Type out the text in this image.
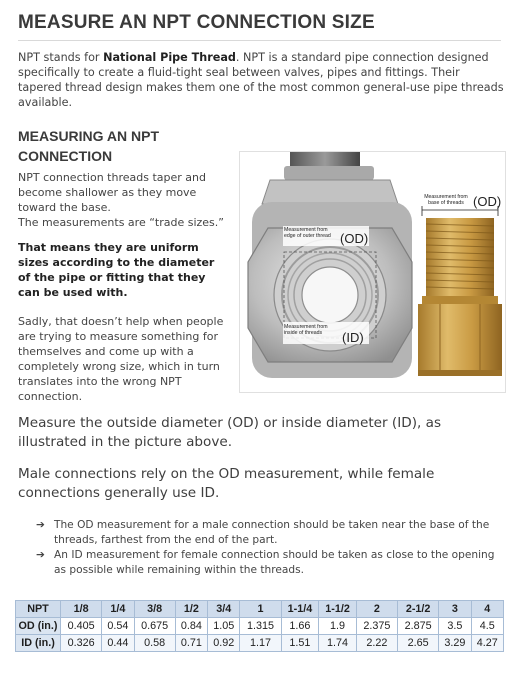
MEASURE AN NPT CONNECTION SIZE

NPT stands for National Pipe Thread. NPT is a standard pipe connection designed specifically to create a fluid-tight seal between valves, pipes and fittings. Their tapered thread design makes them one of the most common general-use pipe threads available.

MEASURING AN NPT CONNECTION
NPT connection threads taper and become shallower as they move toward the base.
The measurements are “trade sizes.”
That means they are uniform sizes according to the diameter of the pipe or fitting that they can be used with.
Sadly, that doesn’t help when people are trying to measure something for themselves and come up with a completely wrong size, which in turn translates into the wrong NPT connection.
Measurement from edge of outer thread (OD)
Measurement from inside of threads	(ID)
Measurement from base of threads (OD)

Measure the outside diameter (OD) or inside diameter (ID), as illustrated in the picture above.

Male connections rely on the OD measurement, while female connections generally use ID.

➔ The OD measurement for a male connection should be taken near the base of the threads, farthest from the end of the part.
➔ An ID measurement for female connection should be taken as close to the opening as possible while remaining within the threads.
NPT	1/8	1/4	3/8	1/2	3/4	1	1-1/4	1-1/2	2	2-1/2	3	4
OD (in.)	0.405	0.54	0.675	0.84	1.05	1.315	1.66	1.9	2.375	2.875	3.5	4.5
ID (in.)	0.326	0.44	0.58	0.71	0.92	1.17	1.51	1.74	2.22	2.65	3.29	4.27
